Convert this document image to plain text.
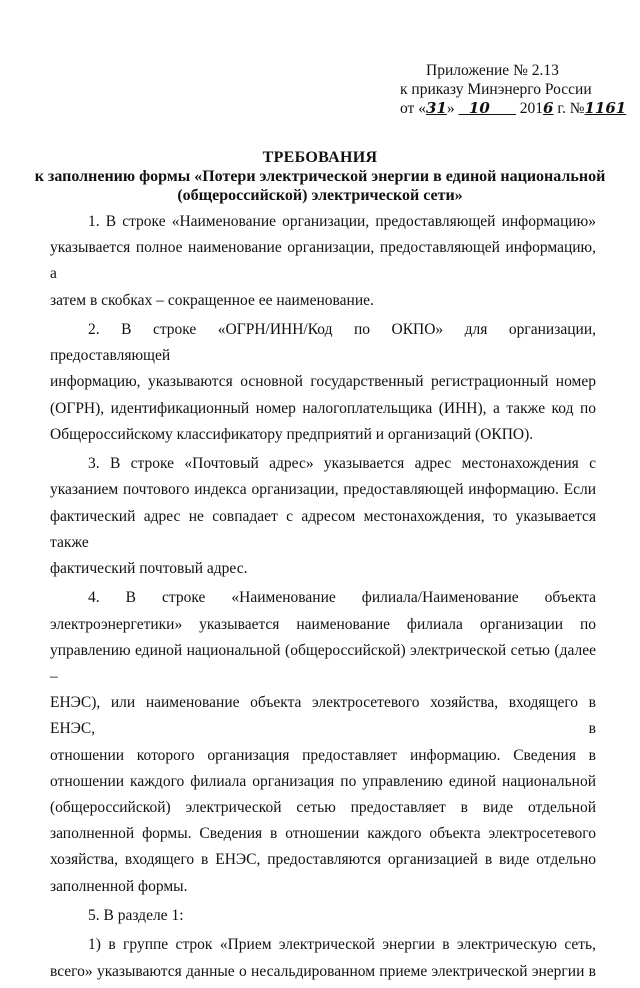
Приложение № 2.13
к приказу Минэнерго России
от «31»   10 2016 г. №1161
ТРЕБОВАНИЯ
к заполнению формы «Потери электрической энергии в единой национальной
(общероссийской) электрической сети»
1. В строке «Наименование организации, предоставляющей информацию»
указывается полное наименование организации, предоставляющей информацию, а
затем в скобках – сокращенное ее наименование.
2. В строке «ОГРН/ИНН/Код по ОКПО» для организации, предоставляющей
информацию, указываются основной государственный регистрационный номер
(ОГРН), идентификационный номер налогоплательщика (ИНН), а также код по
Общероссийскому классификатору предприятий и организаций (ОКПО).
3. В строке «Почтовый адрес» указывается адрес местонахождения с
указанием почтового индекса организации, предоставляющей информацию. Если
фактический адрес не совпадает с адресом местонахождения, то указывается также
фактический почтовый адрес.
4. В строке «Наименование филиала/Наименование объекта
электроэнергетики» указывается наименование филиала организации по
управлению единой национальной (общероссийской) электрической сетью (далее –
ЕНЭС), или наименование объекта электросетевого хозяйства, входящего в ЕНЭС, в
отношении которого организация предоставляет информацию. Сведения в
отношении каждого филиала организация по управлению единой национальной
(общероссийской) электрической сетью предоставляет в виде отдельной
заполненной формы. Сведения в отношении каждого объекта электросетевого
хозяйства, входящего в ЕНЭС, предоставляются организацией в виде отдельно
заполненной формы.
5. В разделе 1:
1) в группе строк «Прием электрической энергии в электрическую сеть,
всего» указываются данные о несальдированном приеме электрической энергии в
